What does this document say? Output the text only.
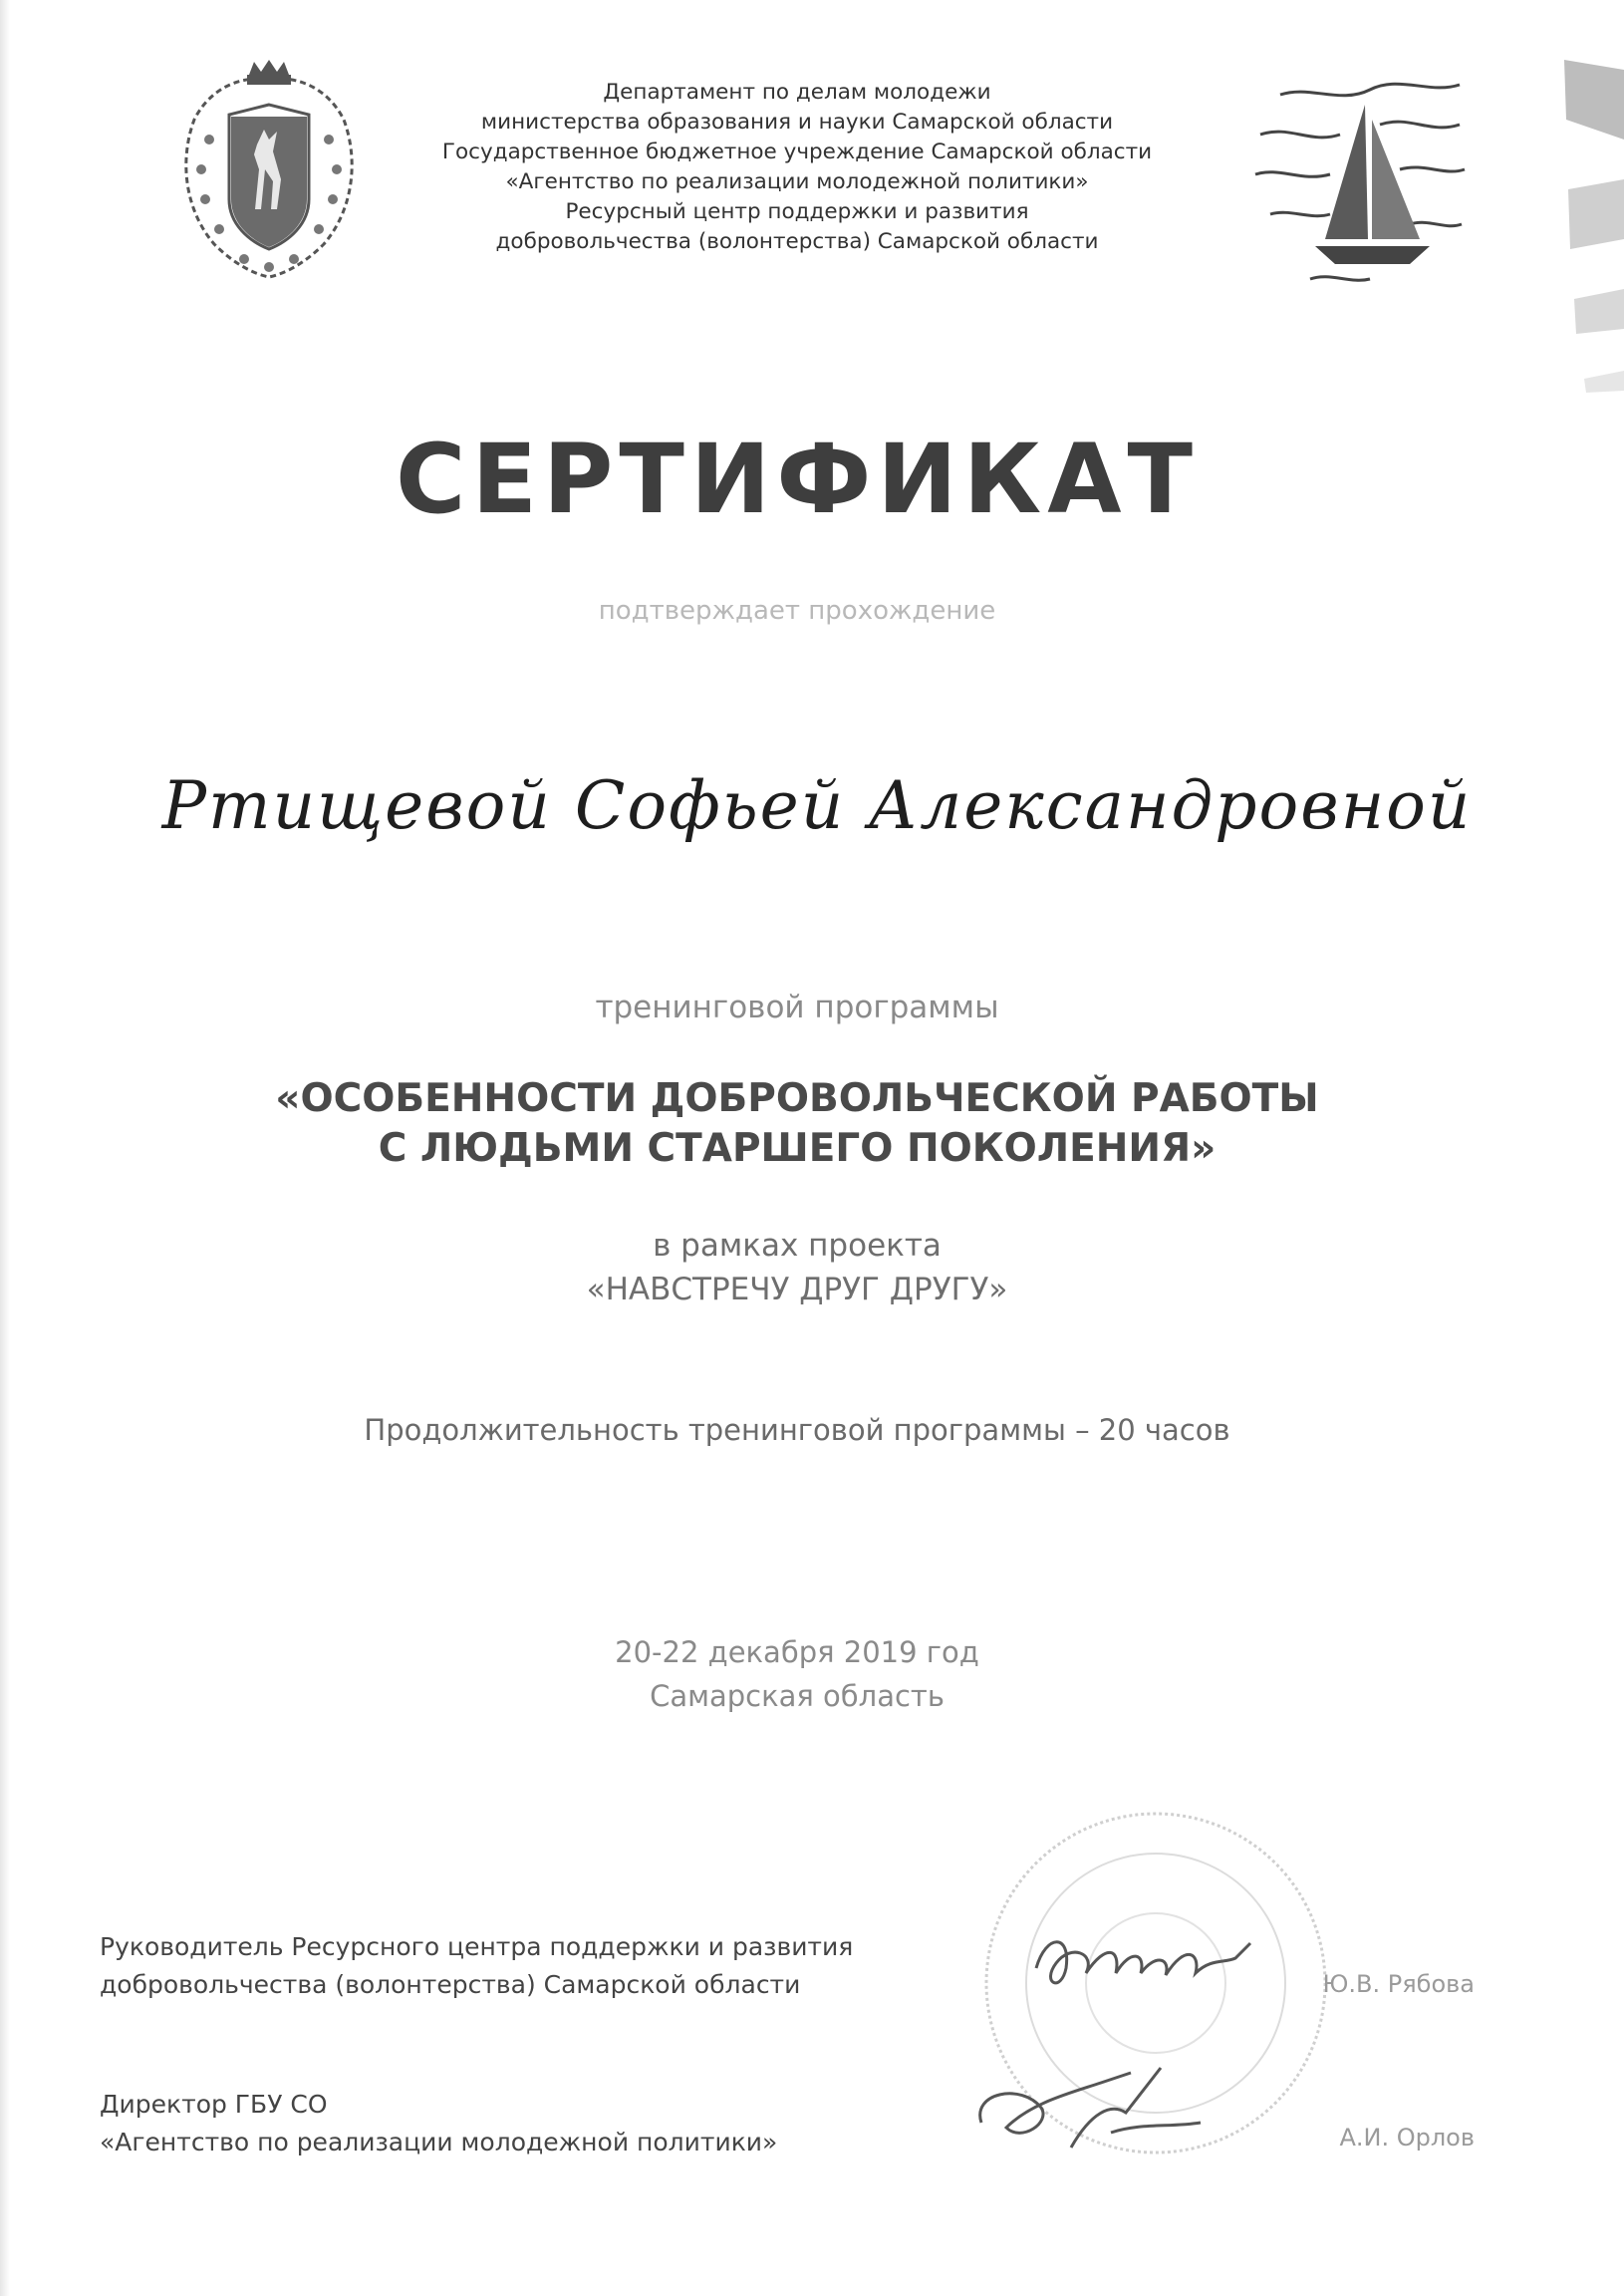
Департамент по делам молодежи
министерства образования и науки Самарской области
Государственное бюджетное учреждение Самарской области
«Агентство по реализации молодежной политики»
Ресурсный центр поддержки и развития
добровольчества (волонтерства) Самарской области
СЕРТИФИКАТ
подтверждает прохождение
Ртищевой Софьей Александровной
тренинговой программы
«ОСОБЕННОСТИ ДОБРОВОЛЬЧЕСКОЙ РАБОТЫ
С ЛЮДЬМИ СТАРШЕГО ПОКОЛЕНИЯ»
в рамках проекта
«НАВСТРЕЧУ ДРУГ ДРУГУ»
Продолжительность тренинговой программы – 20 часов
20-22 декабря 2019 год
Самарская область
Руководитель Ресурсного центра поддержки и развития
добровольчества (волонтерства) Самарской области	Ю.В. Рябова
Директор ГБУ СО
«Агентство по реализации молодежной политики»	А.И. Орлов
